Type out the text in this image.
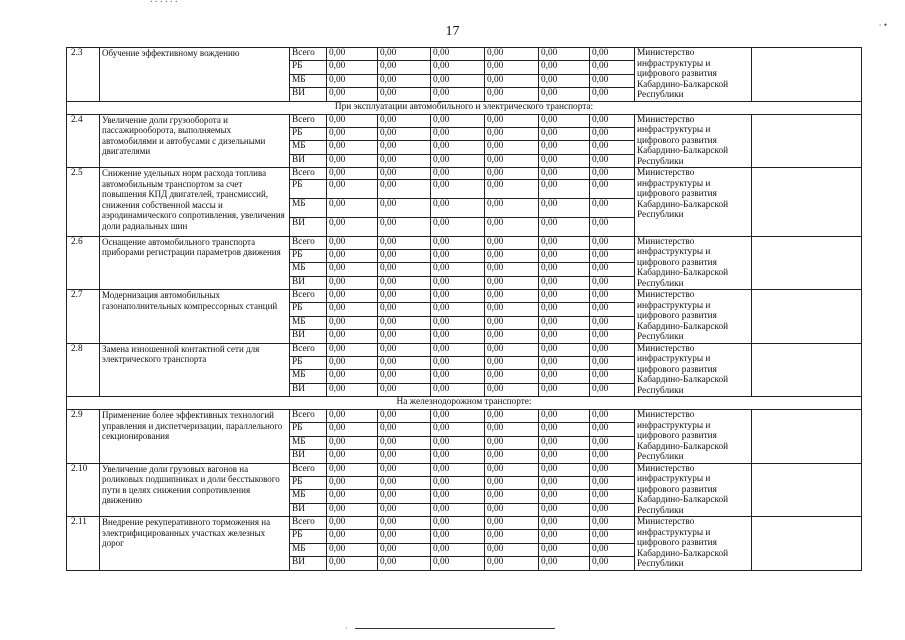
17	· •
2.3	Обучение эффективному вождению	Всего	0,00	0,00	0,00	0,00	0,00	0,00	Министерство инфраструктуры и цифрового развития Кабардино-Балкарской Республики	
		РБ	0,00	0,00	0,00	0,00	0,00	0,00		
		МБ	0,00	0,00	0,00	0,00	0,00	0,00		
		ВИ	0,00	0,00	0,00	0,00	0,00	0,00		
При эксплуатации автомобильного и электрического транспорта:										
2.4	Увеличение доли грузооборота и пассажирооборота, выполняемых автомобилями и автобусами с дизельными двигателями	Всего	0,00	0,00	0,00	0,00	0,00	0,00	Министерство инфраструктуры и цифрового развития Кабардино-Балкарской Республики	
		РБ	0,00	0,00	0,00	0,00	0,00	0,00		
		МБ	0,00	0,00	0,00	0,00	0,00	0,00		
		ВИ	0,00	0,00	0,00	0,00	0,00	0,00		
2.5	Снижение удельных норм расхода топлива автомобильным транспортом за счет повышения КПД двигателей, трансмиссий, снижения собственной массы и аэродинамического сопротивления, увеличения доли радиальных шин	Всего	0,00	0,00	0,00	0,00	0,00	0,00	Министерство инфраструктуры и цифрового развития Кабардино-Балкарской Республики	
		РБ	0,00	0,00	0,00	0,00	0,00	0,00		
		МБ	0,00	0,00	0,00	0,00	0,00	0,00		
		ВИ	0,00	0,00	0,00	0,00	0,00	0,00		
2.6	Оснащение автомобильного транспорта приборами регистрации параметров движения	Всего	0,00	0,00	0,00	0,00	0,00	0,00	Министерство инфраструктуры и цифрового развития Кабардино-Балкарской Республики	
		РБ	0,00	0,00	0,00	0,00	0,00	0,00		
		МБ	0,00	0,00	0,00	0,00	0,00	0,00		
		ВИ	0,00	0,00	0,00	0,00	0,00	0,00		
2.7	Модернизация автомобильных газонаполнительных компрессорных станций	Всего	0,00	0,00	0,00	0,00	0,00	0,00	Министерство инфраструктуры и цифрового развития Кабардино-Балкарской Республики	
		РБ	0,00	0,00	0,00	0,00	0,00	0,00		
		МБ	0,00	0,00	0,00	0,00	0,00	0,00		
		ВИ	0,00	0,00	0,00	0,00	0,00	0,00		
2.8	Замена изношенной контактной сети для электрического транспорта	Всего	0,00	0,00	0,00	0,00	0,00	0,00	Министерство инфраструктуры и цифрового развития Кабардино-Балкарской Республики	
		РБ	0,00	0,00	0,00	0,00	0,00	0,00		
		МБ	0,00	0,00	0,00	0,00	0,00	0,00		
		ВИ	0,00	0,00	0,00	0,00	0,00	0,00		
На железнодорожном транспорте:										
2.9	Применение более эффективных технологий управления и диспетчеризации, параллельного секционирования	Всего	0,00	0,00	0,00	0,00	0,00	0,00	Министерство инфраструктуры и цифрового развития Кабардино-Балкарской Республики	
		РБ	0,00	0,00	0,00	0,00	0,00	0,00		
		МБ	0,00	0,00	0,00	0,00	0,00	0,00		
		ВИ	0,00	0,00	0,00	0,00	0,00	0,00		
2.10	Увеличение доли грузовых вагонов на роликовых подшипниках и доли бесстыкового пути в целях снижения сопротивления движению	Всего	0,00	0,00	0,00	0,00	0,00	0,00	Министерство инфраструктуры и цифрового развития Кабардино-Балкарской Республики	
		РБ	0,00	0,00	0,00	0,00	0,00	0,00		
		МБ	0,00	0,00	0,00	0,00	0,00	0,00		
		ВИ	0,00	0,00	0,00	0,00	0,00	0,00		
2.11	Внедрение рекуперативного торможения на электрифицированных участках железных дорог	Всего	0,00	0,00	0,00	0,00	0,00	0,00	Министерство инфраструктуры и цифрового развития Кабардино-Балкарской Республики	
		РБ	0,00	0,00	0,00	0,00	0,00	0,00		
		МБ	0,00	0,00	0,00	0,00	0,00	0,00		
		ВИ	0,00	0,00	0,00	0,00	0,00	0,00		
·
